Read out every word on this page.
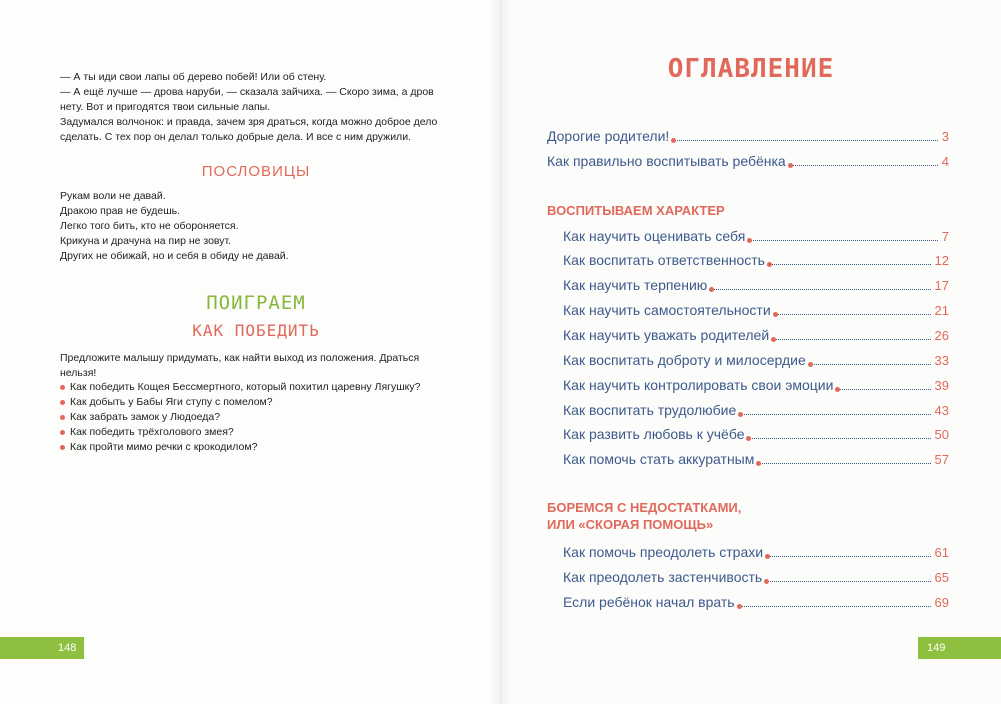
— А ты иди свои лапы об дерево побей! Или об стену.

— А ещё лучше — дрова наруби, — сказала зайчиха. — Скоро зима, а дров нету. Вот и пригодятся твои сильные лапы.

Задумался волчонок: и правда, зачем зря драться, когда можно доброе дело сделать. С тех пор он делал только добрые дела. И все с ним дружили.

ПОСЛОВИЦЫ
Рукам воли не давай.
Дракою прав не будешь.
Легко того бить, кто не обороняется.
Крикуна и драчуна на пир не зовут.
Других не обижай, но и себя в обиду не давай.
ПОИГРАЕМ
КАК ПОБЕДИТЬ
Предложите малышу придумать, как найти выход из положения. Драться нельзя!
Как победить Кощея Бессмертного, который похитил царевну Лягушку?
Как добыть у Бабы Яги ступу с помелом?
Как забрать замок у Людоеда?
Как победить трёхголового змея?
Как пройти мимо речки с крокодилом?
148
ОГЛАВЛЕНИЕ
Дорогие родители!	3
Как правильно воспитывать ребёнка	4
ВОСПИТЫВАЕМ ХАРАКТЕР
Как научить оценивать себя	7
Как воспитать ответственность	12
Как научить терпению	17
Как научить самостоятельности	21
Как научить уважать родителей	26
Как воспитать доброту и милосердие	33
Как научить контролировать свои эмоции	39
Как воспитать трудолюбие	43
Как развить любовь к учёбе	50
Как помочь стать аккуратным	57
БОРЕМСЯ С НЕДОСТАТКАМИ,
ИЛИ «СКОРАЯ ПОМОЩЬ»
Как помочь преодолеть страхи	61
Как преодолеть застенчивость	65
Если ребёнок начал врать	69
149
